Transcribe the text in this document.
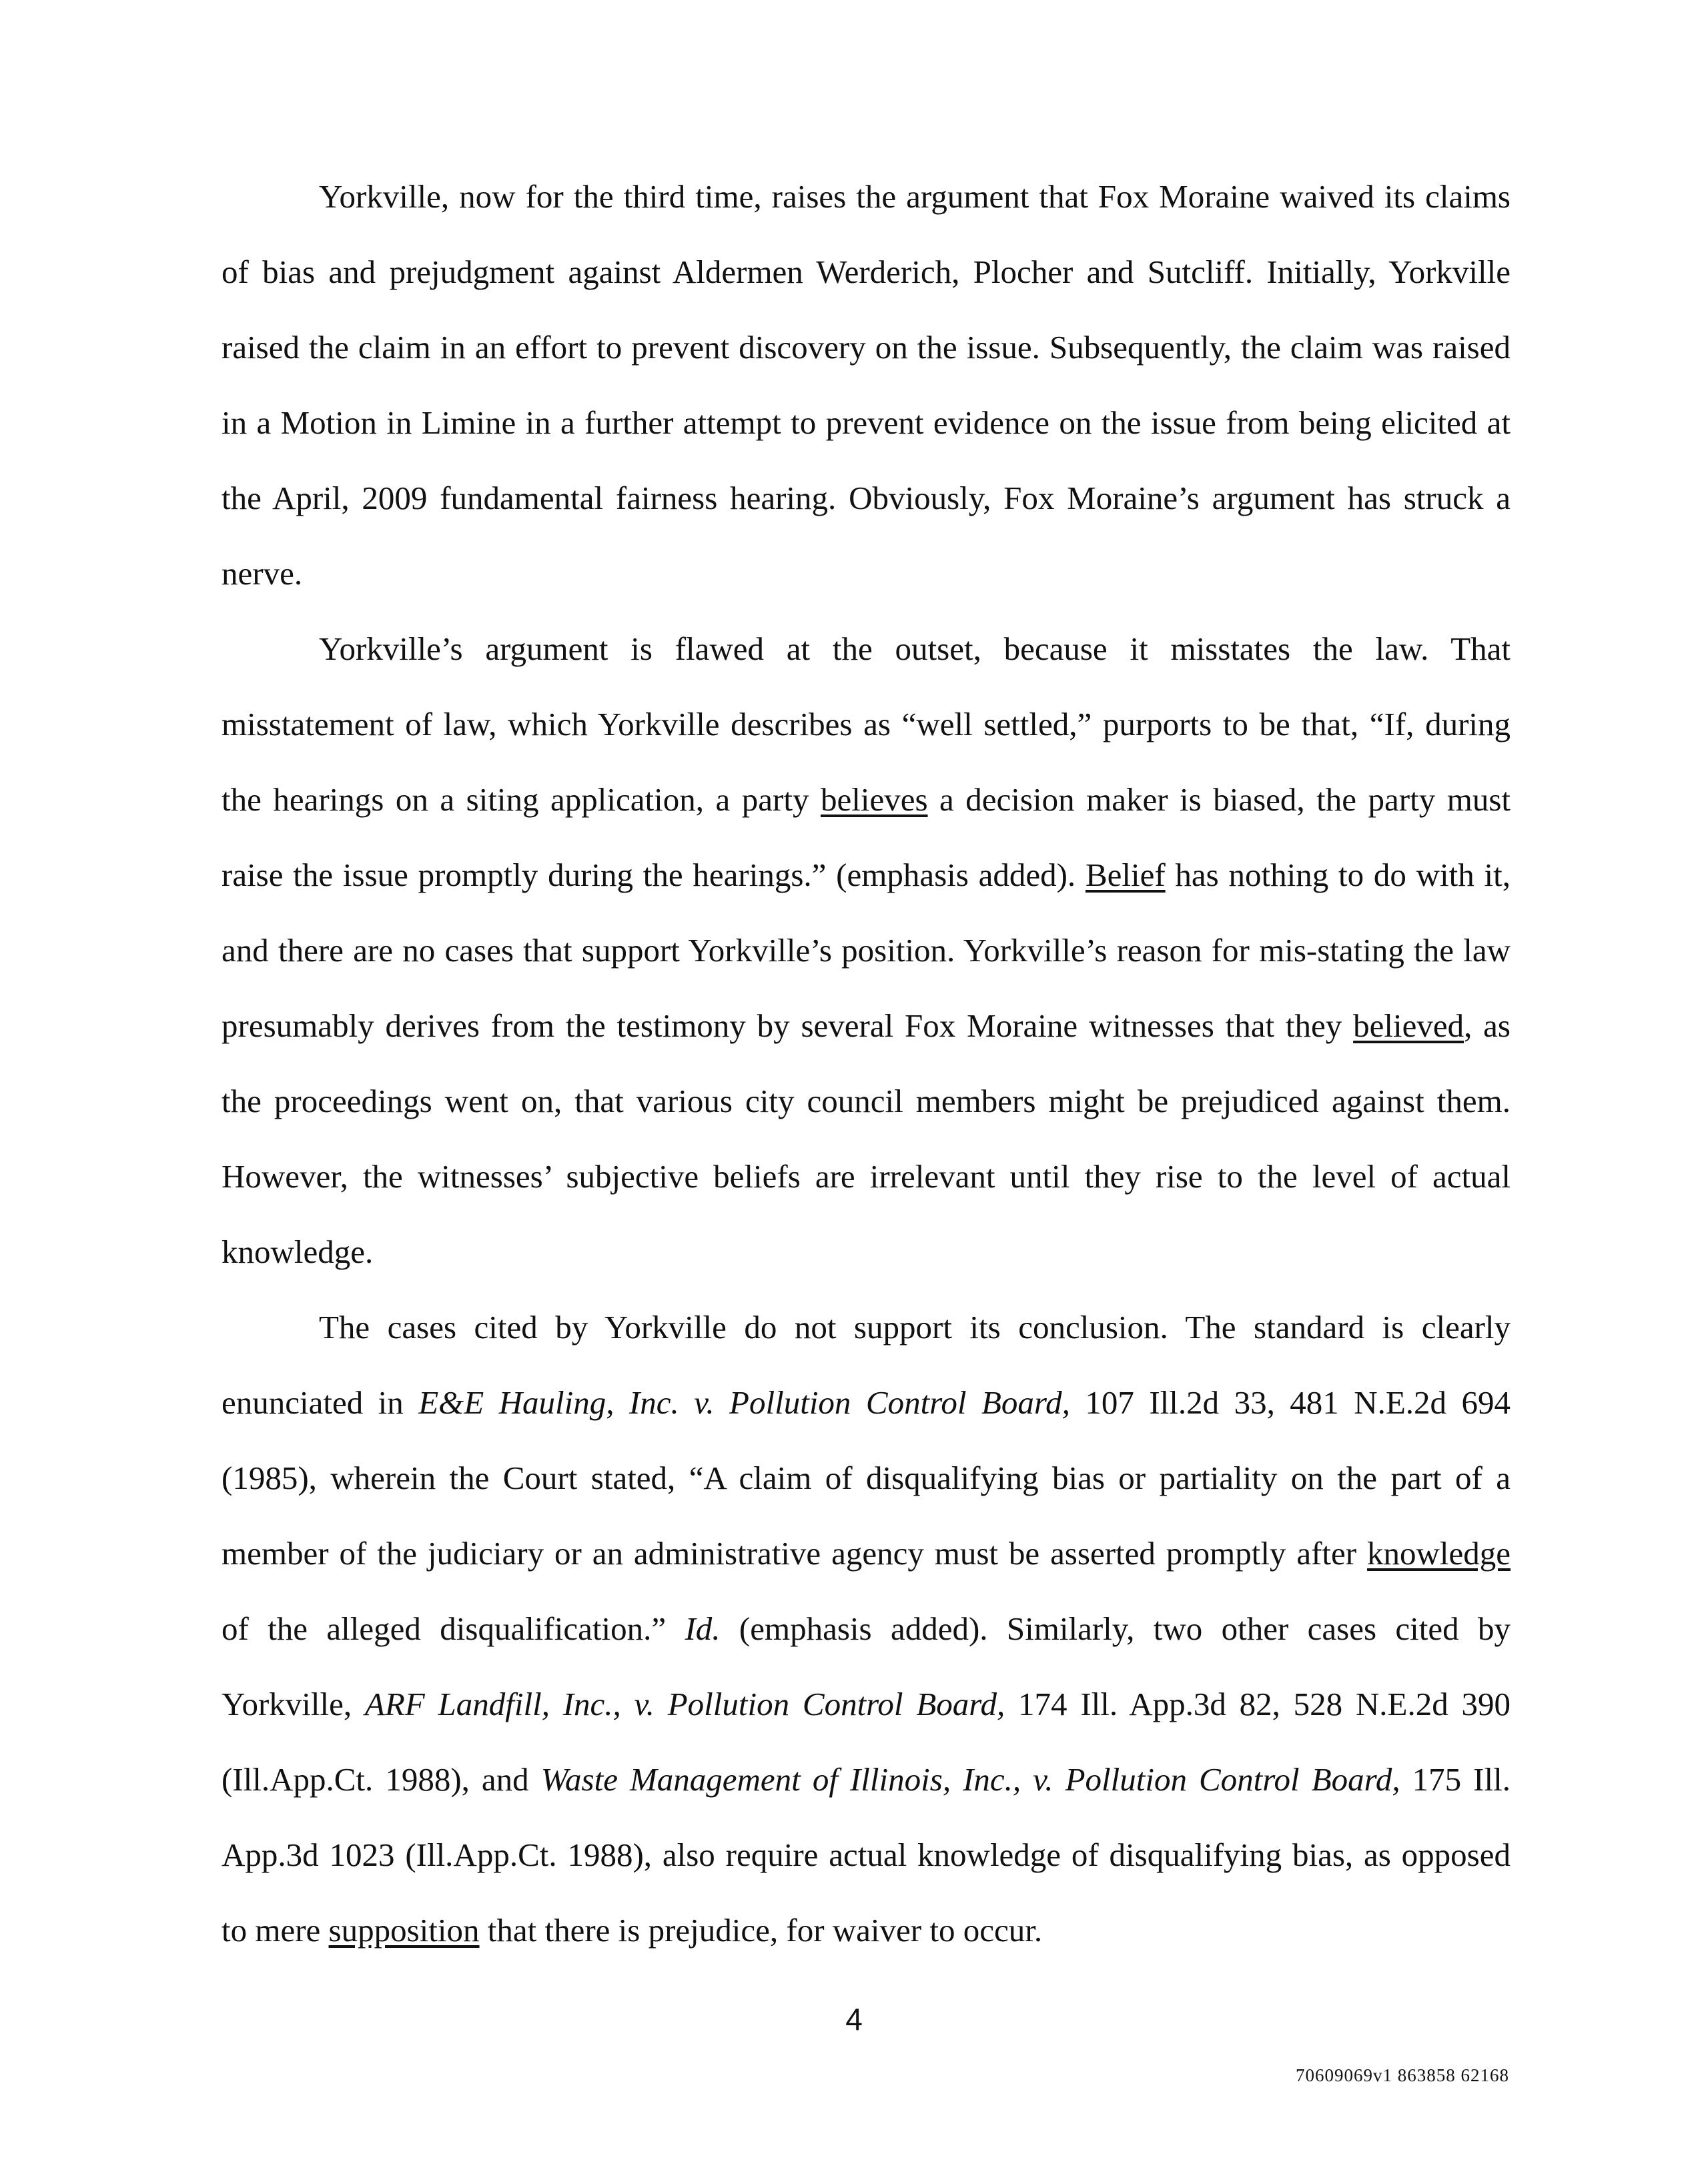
Yorkville, now for the third time, raises the argument that Fox Moraine waived its claims of bias and prejudgment against Aldermen Werderich, Plocher and Sutcliff. Initially, Yorkville raised the claim in an effort to prevent discovery on the issue. Subsequently, the claim was raised in a Motion in Limine in a further attempt to prevent evidence on the issue from being elicited at the April, 2009 fundamental fairness hearing. Obviously, Fox Moraine’s argument has struck a nerve.

Yorkville’s argument is flawed at the outset, because it misstates the law. That misstatement of law, which Yorkville describes as “well settled,” purports to be that, “If, during the hearings on a siting application, a party believes a decision maker is biased, the party must raise the issue promptly during the hearings.” (emphasis added). Belief has nothing to do with it, and there are no cases that support Yorkville’s position. Yorkville’s reason for mis-stating the law presumably derives from the testimony by several Fox Moraine witnesses that they believed, as the proceedings went on, that various city council members might be prejudiced against them. However, the witnesses’ subjective beliefs are irrelevant until they rise to the level of actual knowledge.

The cases cited by Yorkville do not support its conclusion. The standard is clearly enunciated in E&E Hauling, Inc. v. Pollution Control Board, 107 Ill.2d 33, 481 N.E.2d 694 (1985), wherein the Court stated, “A claim of disqualifying bias or partiality on the part of a member of the judiciary or an administrative agency must be asserted promptly after knowledge of the alleged disqualification.” Id. (emphasis added). Similarly, two other cases cited by Yorkville, ARF Landfill, Inc., v. Pollution Control Board, 174 Ill. App.3d 82, 528 N.E.2d 390 (Ill.App.Ct. 1988), and Waste Management of Illinois, Inc., v. Pollution Control Board, 175 Ill. App.3d 1023 (Ill.App.Ct. 1988), also require actual knowledge of disqualifying bias, as opposed to mere supposition that there is prejudice, for waiver to occur.

4
70609069v1 863858 62168
